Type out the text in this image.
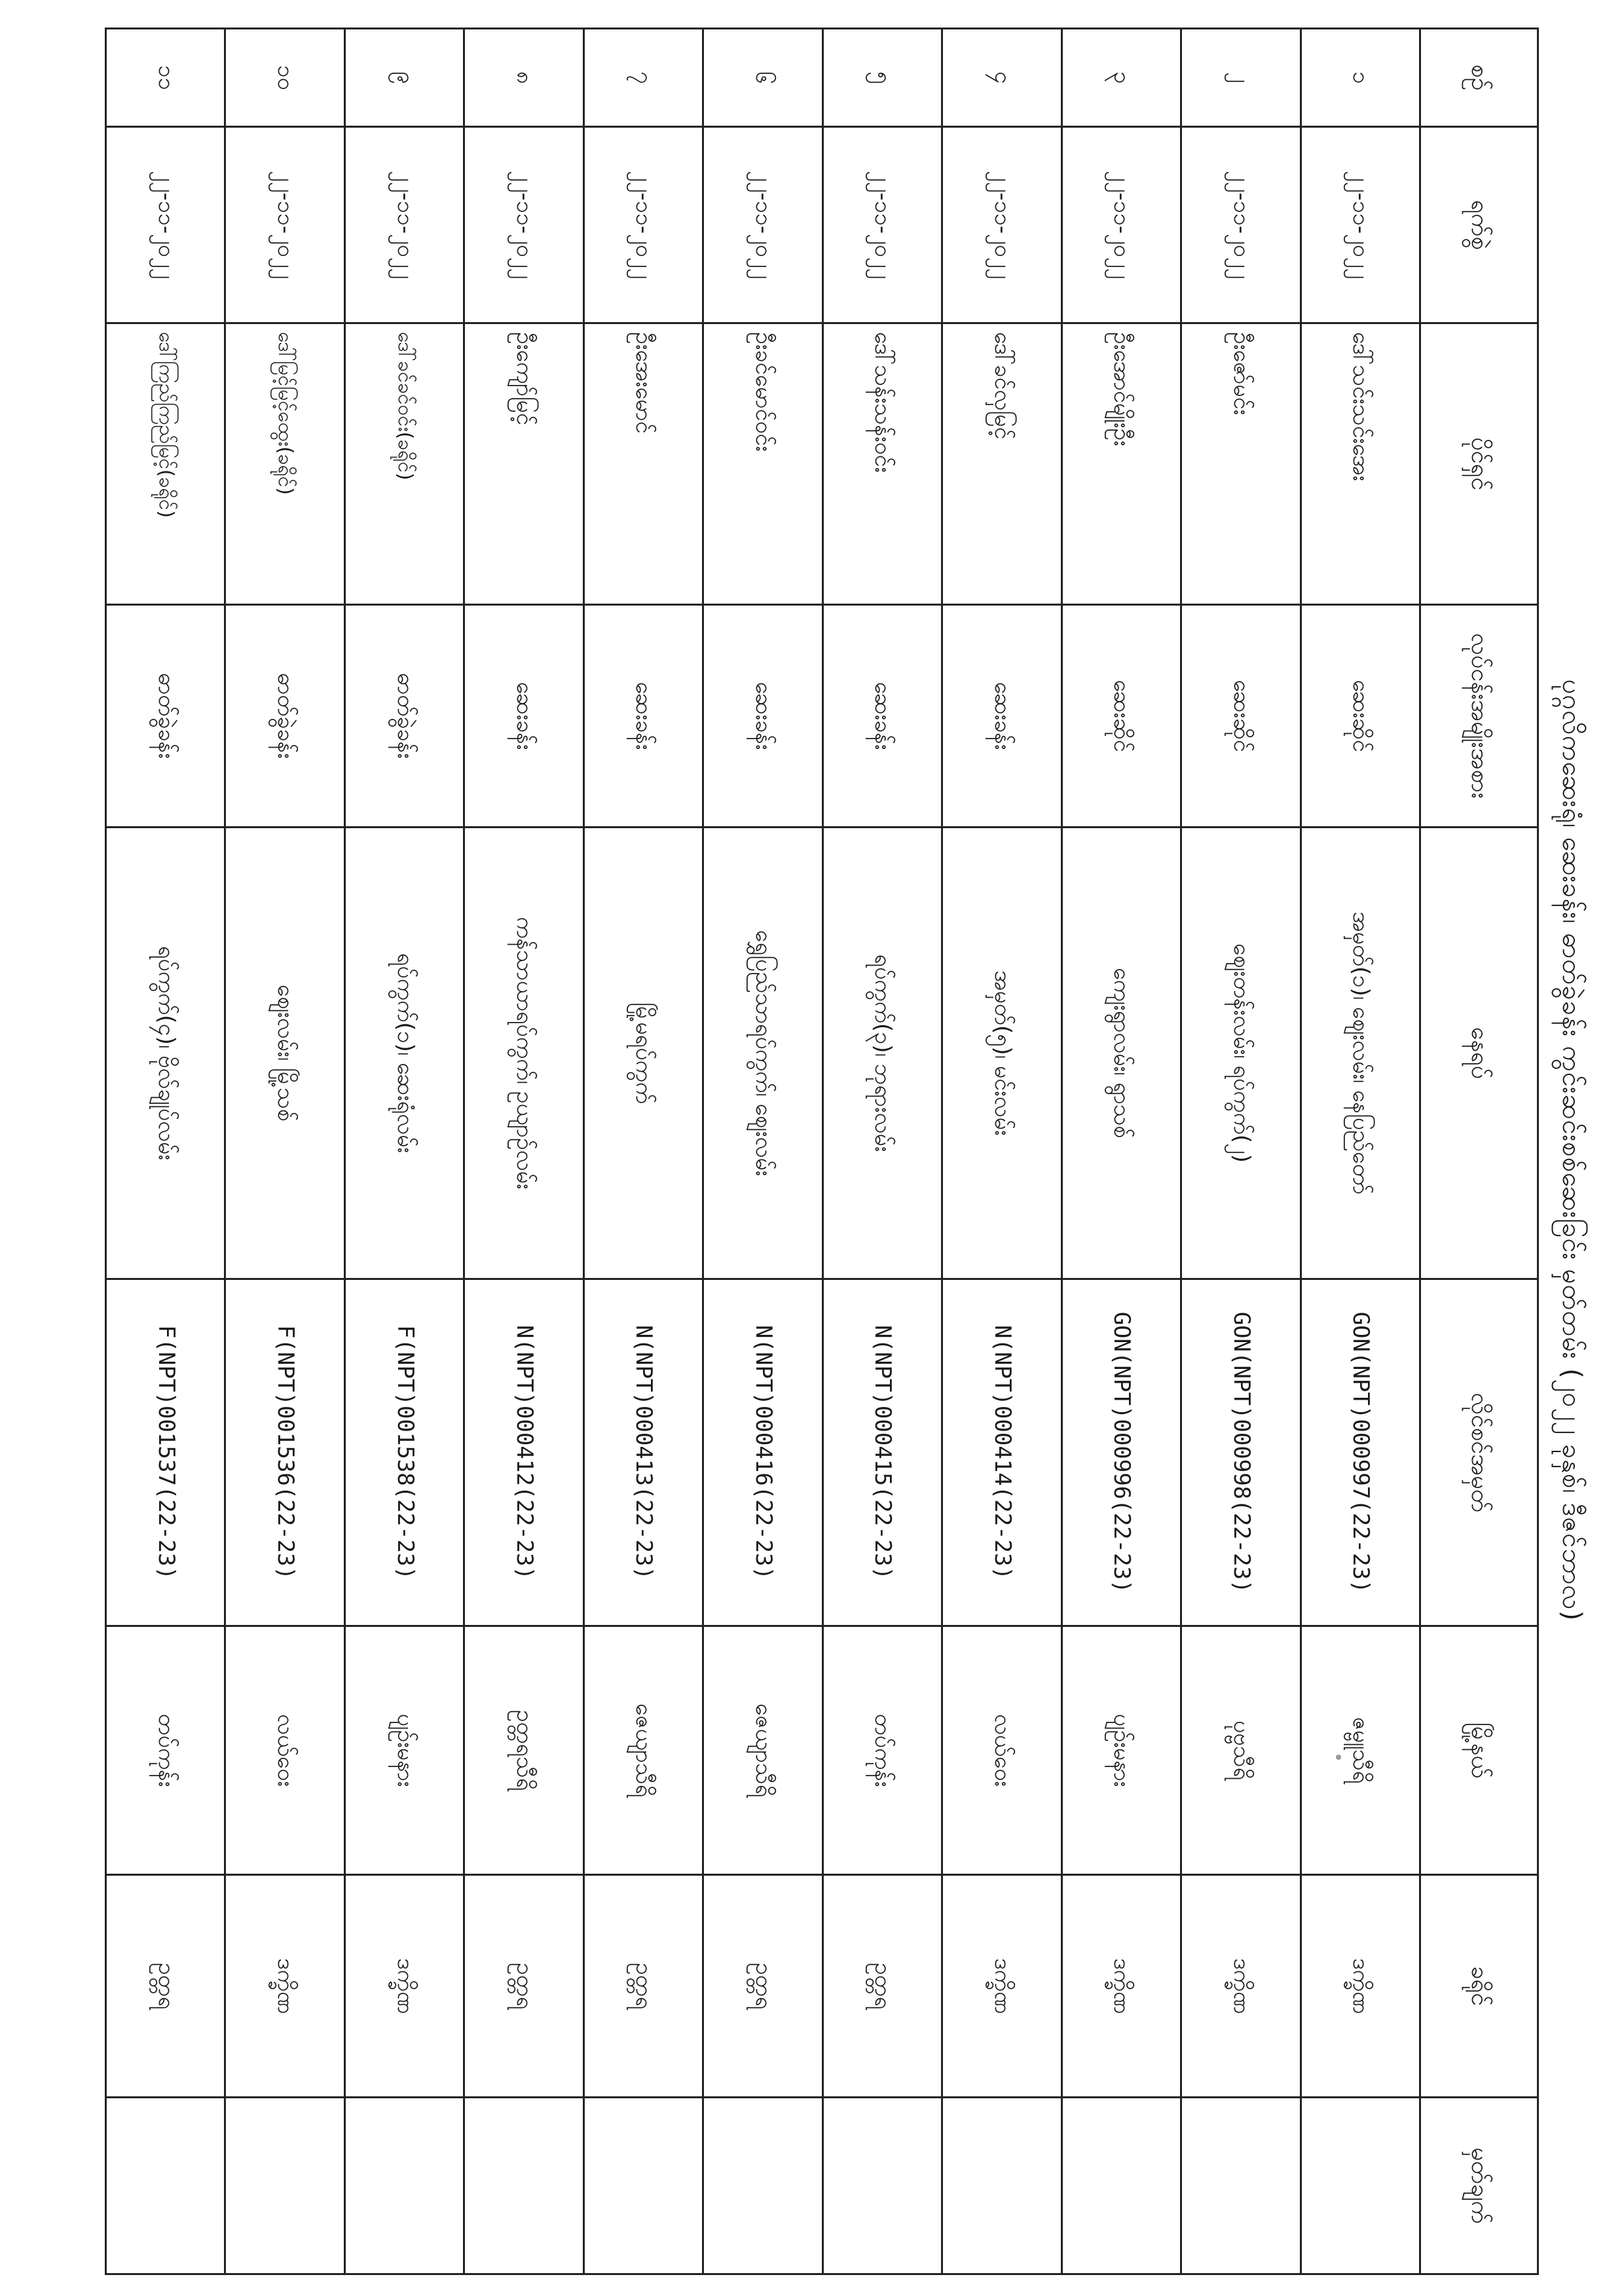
ပုဂ္ဂလိကဆေးရုံ၊ ဆေးခန်း၊ ဓာတ်ခွဲခန်း ကွင်းဆင်းစစ်ဆေးခြင်း မှတ်တမ်း (၂၀၂၂ ခုနှစ်၊ ဒီဇင်ဘာလ)
စဉ်	ရက်စွဲ	ပိုင်ရှင်	လုပ်ငန်းအမျိုးအစား	နေရပ်	လိုင်စင်အမှတ်	မြို့နယ်	ခရိုင်	မှတ်ချက်
၁	၂၂-၁၁-၂၀၂၂	ဒေါ်သင်းသင်းအေး	ဆေးဆိုင်	အမှတ်(၁)၊ ဈေးလမ်း၊ နေပြည်တော်	GON(NPT)000997(22-23)	ဇမ္ဗူသီရိ	ဒက္ခိဏ	
၂	၂၂-၁၁-၂၀၂၂	ဦးဇော်မင်း	ဆေးဆိုင်	ဈေးတန်းလမ်း၊ ရပ်ကွက်(၂)	GON(NPT)000998(22-23)	ပုဗ္ဗသီရိ	ဒက္ခိဏ	
၃	၂၂-၁၁-၂၀၂၂	ဦးအောင်မျိုးဦး	ဆေးဆိုင်	ကျေးရွာလမ်း၊ ရွာသစ်	GON(NPT)000996(22-23)	ပျဉ်းမနား	ဒက္ခိဏ	
၄	၂၂-၁၁-၂၀၂၂	ဒေါ်ခင်လှမြင့်	ဆေးခန်း	အမှတ်(၅)၊ မင်းလမ်း	N(NPT)000414(22-23)	လယ်ဝေး	ဒက္ခိဏ	
၅	၂၂-၁၁-၂၀၂၂	ဒေါ်သန်းသန်းဝင်း	ဆေးခန်း	ရပ်ကွက်(၃)၊ ဘုရားလမ်း	N(NPT)000415(22-23)	တပ်ကုန်း	ဥတ္တရ	
၆	၂၂-၁၁-၂၀၂၂	ဦးခင်မောင်ဝင်း	ဆေးခန်း	ရွှေပြည်သာရပ်ကွက်၊ ဈေးလမ်း	N(NPT)000416(22-23)	ဇေယျာသီရိ	ဥတ္တရ	
၇	၂၂-၁၁-၂၀၂၂	ဦးအေးမောင်	ဆေးခန်း	မြို့မရပ်ကွက်	N(NPT)000413(22-23)	ဇေယျာသီရိ	ဥတ္တရ	
၈	၂၂-၁၁-၂၀၂၂	ဦးကျော်မြင့်	ဆေးခန်း	ကန်သာယာရပ်ကွက်၊ ဥယျာဉ်လမ်း	N(NPT)000412(22-23)	ဥတ္တရသီရိ	ဥတ္တရ	
၉	၂၂-၁၁-၂၀၂၂	ဒေါ်ခင်ခင်ဝင်း(ခရိုင်)	ဓာတ်ခွဲခန်း	ရပ်ကွက်(၁)၊ ဆေးရုံလမ်း	F(NPT)001538(22-23)	ပျဉ်းမနား	ဒက္ခိဏ	
၁၀	၂၂-၁၁-၂၀၂၂	ဒေါ်မြင့်မြင့်ထွေး(ခရိုင်)	ဓာတ်ခွဲခန်း	ဈေးလမ်း၊ မြို့သစ်	F(NPT)001536(22-23)	လယ်ဝေး	ဒက္ခိဏ	
၁၁	၂၂-၁၁-၂၀၂၂	ဒေါ်ကြည်ကြည်မြင့်(ခရိုင်)	ဓာတ်ခွဲခန်း	ရပ်ကွက်(၄)၊ ဗိုလ်ချုပ်လမ်း	F(NPT)001537(22-23)	တပ်ကုန်း	ဥတ္တရ	
